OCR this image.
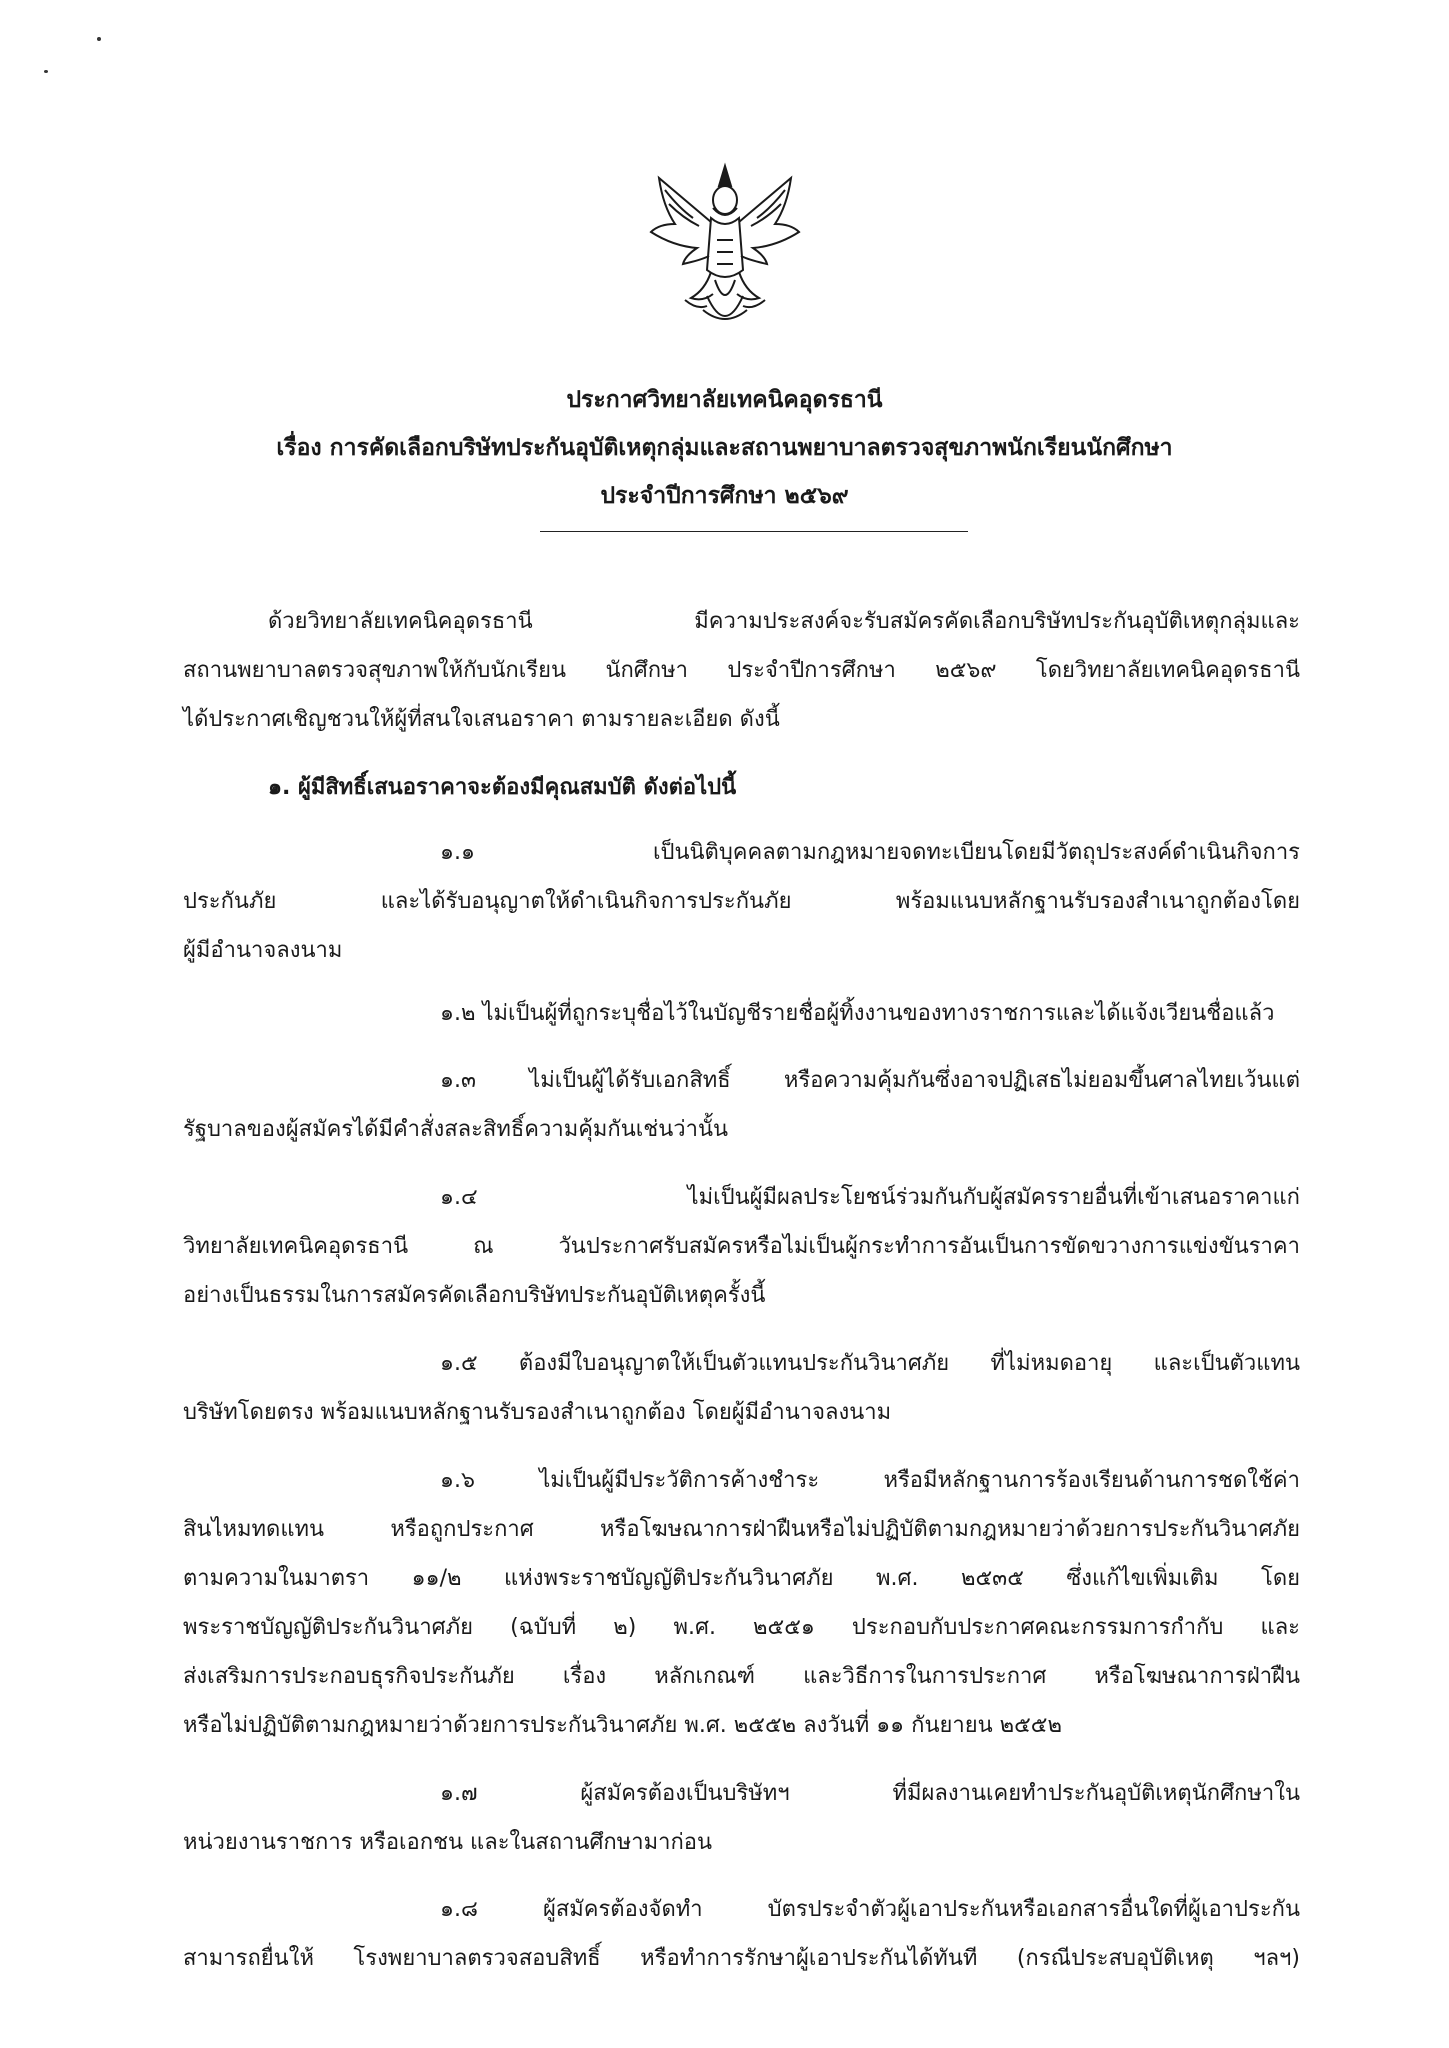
ประกาศวิทยาลัยเทคนิคอุดรธานี
เรื่อง การคัดเลือกบริษัทประกันอุบัติเหตุกลุ่มและสถานพยาบาลตรวจสุขภาพนักเรียนนักศึกษา
ประจำปีการศึกษา ๒๕๖๙
ด้วยวิทยาลัยเทคนิคอุดรธานี มีความประสงค์จะรับสมัครคัดเลือกบริษัทประกันอุบัติเหตุกลุ่มและ
สถานพยาบาลตรวจสุขภาพให้กับนักเรียน นักศึกษา ประจำปีการศึกษา ๒๕๖๙ โดยวิทยาลัยเทคนิคอุดรธานี
ได้ประกาศเชิญชวนให้ผู้ที่สนใจเสนอราคา ตามรายละเอียด ดังนี้
๑. ผู้มีสิทธิ์เสนอราคาจะต้องมีคุณสมบัติ ดังต่อไปนี้
๑.๑ เป็นนิติบุคคลตามกฎหมายจดทะเบียนโดยมีวัตถุประสงค์ดำเนินกิจการ
ประกันภัย และได้รับอนุญาตให้ดำเนินกิจการประกันภัย พร้อมแนบหลักฐานรับรองสำเนาถูกต้องโดย
ผู้มีอำนาจลงนาม
๑.๒ ไม่เป็นผู้ที่ถูกระบุชื่อไว้ในบัญชีรายชื่อผู้ทิ้งงานของทางราชการและได้แจ้งเวียนชื่อแล้ว
๑.๓ ไม่เป็นผู้ได้รับเอกสิทธิ์ หรือความคุ้มกันซึ่งอาจปฏิเสธไม่ยอมขึ้นศาลไทยเว้นแต่
รัฐบาลของผู้สมัครได้มีคำสั่งสละสิทธิ์ความคุ้มกันเช่นว่านั้น
๑.๔ ไม่เป็นผู้มีผลประโยชน์ร่วมกันกับผู้สมัครรายอื่นที่เข้าเสนอราคาแก่
วิทยาลัยเทคนิคอุดรธานี ณ วันประกาศรับสมัครหรือไม่เป็นผู้กระทำการอันเป็นการขัดขวางการแข่งขันราคา
อย่างเป็นธรรมในการสมัครคัดเลือกบริษัทประกันอุบัติเหตุครั้งนี้
๑.๕ ต้องมีใบอนุญาตให้เป็นตัวแทนประกันวินาศภัย ที่ไม่หมดอายุ และเป็นตัวแทน
บริษัทโดยตรง พร้อมแนบหลักฐานรับรองสำเนาถูกต้อง โดยผู้มีอำนาจลงนาม
๑.๖ ไม่เป็นผู้มีประวัติการค้างชำระ หรือมีหลักฐานการร้องเรียนด้านการชดใช้ค่า
สินไหมทดแทน หรือถูกประกาศ หรือโฆษณาการฝ่าฝืนหรือไม่ปฏิบัติตามกฎหมายว่าด้วยการประกันวินาศภัย
ตามความในมาตรา ๑๑/๒ แห่งพระราชบัญญัติประกันวินาศภัย พ.ศ. ๒๕๓๕ ซึ่งแก้ไขเพิ่มเติม โดย
พระราชบัญญัติประกันวินาศภัย (ฉบับที่ ๒) พ.ศ. ๒๕๕๑ ประกอบกับประกาศคณะกรรมการกำกับ และ
ส่งเสริมการประกอบธุรกิจประกันภัย เรื่อง หลักเกณฑ์ และวิธีการในการประกาศ หรือโฆษณาการฝ่าฝืน
หรือไม่ปฏิบัติตามกฎหมายว่าด้วยการประกันวินาศภัย พ.ศ. ๒๕๕๒ ลงวันที่ ๑๑ กันยายน ๒๕๕๒
๑.๗ ผู้สมัครต้องเป็นบริษัทฯ ที่มีผลงานเคยทำประกันอุบัติเหตุนักศึกษาใน
หน่วยงานราชการ หรือเอกชน และในสถานศึกษามาก่อน
๑.๘ ผู้สมัครต้องจัดทำ บัตรประจำตัวผู้เอาประกันหรือเอกสารอื่นใดที่ผู้เอาประกัน
สามารถยื่นให้ โรงพยาบาลตรวจสอบสิทธิ์ หรือทำการรักษาผู้เอาประกันได้ทันที (กรณีประสบอุบัติเหตุ ฯลฯ)
